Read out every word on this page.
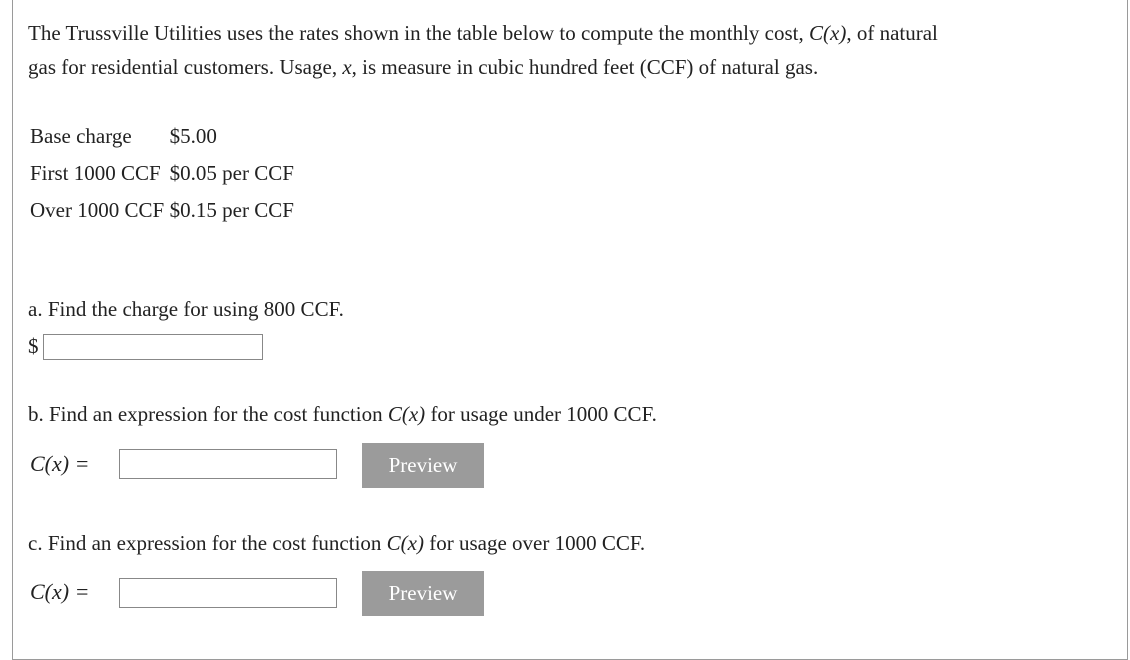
The Trussville Utilities uses the rates shown in the table below to compute the monthly cost, C(x), of natural
gas for residential customers. Usage, x, is measure in cubic hundred feet (CCF) of natural gas.
Base charge	$5.00
First 1000 CCF	$0.05 per CCF
Over 1000 CCF	$0.15 per CCF
a. Find the charge for using 800 CCF.
$
b. Find an expression for the cost function C(x) for usage under 1000 CCF.
C(x) =	Preview
c. Find an expression for the cost function C(x) for usage over 1000 CCF.
C(x) =	Preview
